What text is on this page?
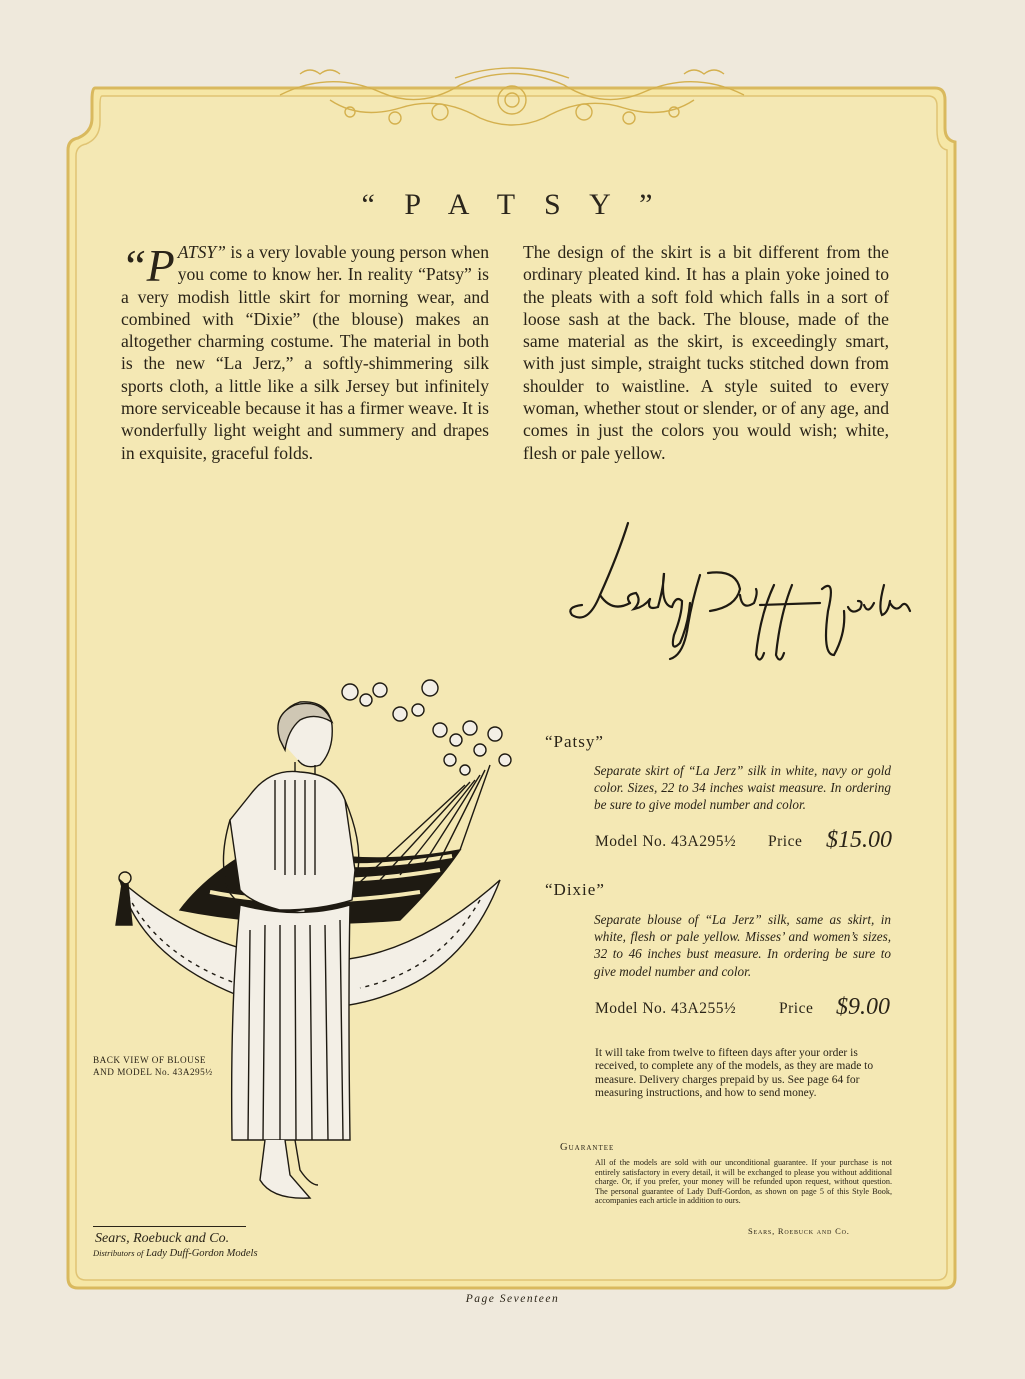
“ P A T S Y ”

“PATSY” is a very lovable young person when you come to know her. In reality “Patsy” is a very modish little skirt for morning wear, and combined with “Dixie” (the blouse) makes an altogether charming costume. The material in both is the new “La Jerz,” a softly-shimmering silk sports cloth, a little like a silk Jersey but infinitely more serviceable because it has a firmer weave. It is wonderfully light weight and summery and drapes in exquisite, graceful folds.

The design of the skirt is a bit different from the ordinary pleated kind. It has a plain yoke joined to the pleats with a soft fold which falls in a sort of loose sash at the back. The blouse, made of the same material as the skirt, is exceedingly smart, with just simple, straight tucks stitched down from shoulder to waistline. A style suited to every woman, whether stout or slender, or of any age, and comes in just the colors you would wish; white, flesh or pale yellow.

“Patsy”
Separate skirt of “La Jerz” silk in white, navy or gold color. Sizes, 22 to 34 inches waist measure. In ordering be sure to give model number and color.
Model No. 43A295½ Price $15.00
“Dixie”
Separate blouse of “La Jerz” silk, same as skirt, in white, flesh or pale yellow. Misses’ and women’s sizes, 32 to 46 inches bust measure. In ordering be sure to give model number and color.
Model No. 43A255½	Price $9.00
It will take from twelve to fifteen days after your order is received, to complete any of the models, as they are made to measure. Delivery charges prepaid by us. See page 64 for measuring instructions, and how to send money.
Guarantee
All of the models are sold with our unconditional guarantee. If your purchase is not entirely satisfactory in every detail, it will be exchanged to please you without additional charge. Or, if you prefer, your money will be refunded upon request, without question. The personal guarantee of Lady Duff-Gordon, as shown on page 5 of this Style Book, accompanies each article in addition to ours.
Sears, Roebuck and Co.
BACK VIEW OF BLOUSE
AND MODEL No. 43A295½
Sears, Roebuck and Co.
Distributors of Lady Duff-Gordon Models
Page Seventeen
